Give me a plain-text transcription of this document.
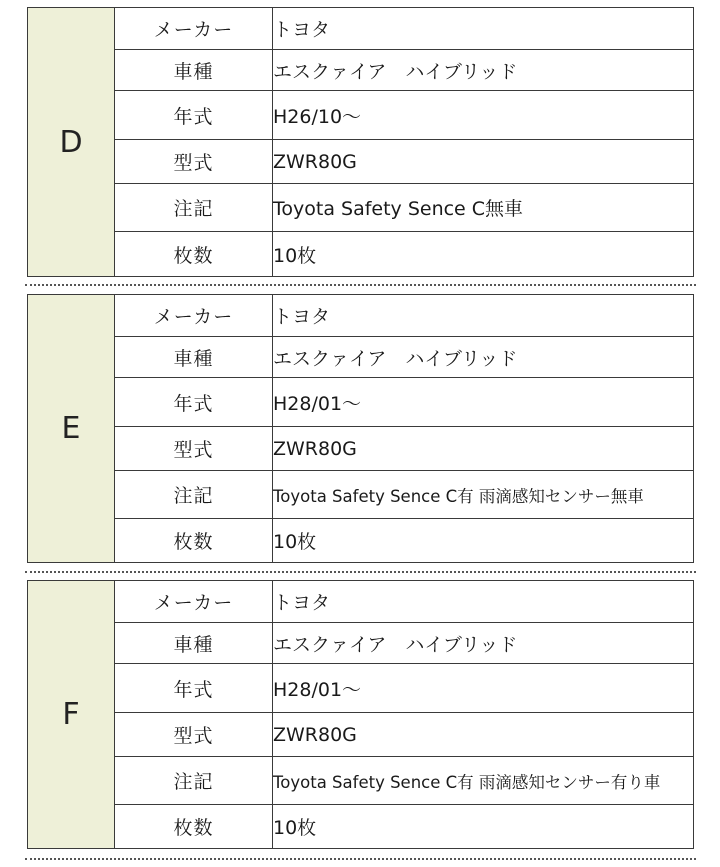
D	メーカー	トヨタ
	車種	エスクァイア　ハイブリッド
	年式	H26/10〜
	型式	ZWR80G
	注記	Toyota Safety Sence C無車
	枚数	10枚
E	メーカー	トヨタ
	車種	エスクァイア　ハイブリッド
	年式	H28/01〜
	型式	ZWR80G
	注記	Toyota Safety Sence C有 雨滴感知センサー無車
	枚数	10枚
F	メーカー	トヨタ
	車種	エスクァイア　ハイブリッド
	年式	H28/01〜
	型式	ZWR80G
	注記	Toyota Safety Sence C有 雨滴感知センサー有り車
	枚数	10枚
